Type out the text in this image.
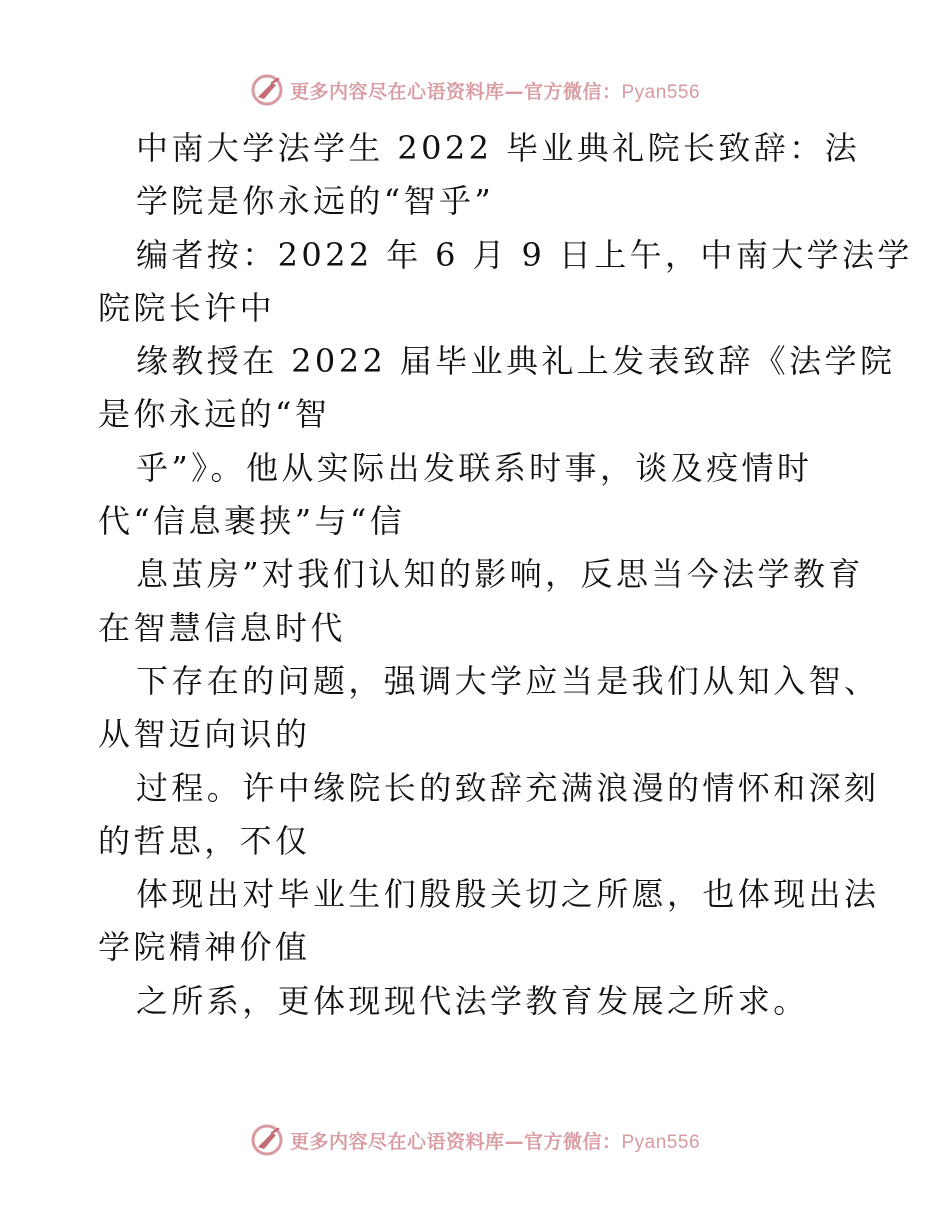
更多内容尽在心语资料库—官方微信：Pyan556
中南大学法学生 2022 毕业典礼院长致辞：法
学院是你永远的“智乎”
编者按：2022 年 6 月 9 日上午，中南大学法学
院院长许中
缘教授在 2022 届毕业典礼上发表致辞《法学院
是你永远的“智
乎”》。他从实际出发联系时事，谈及疫情时
代“信息裹挟”与“信
息茧房”对我们认知的影响，反思当今法学教育
在智慧信息时代
下存在的问题，强调大学应当是我们从知入智、
从智迈向识的
过程。许中缘院长的致辞充满浪漫的情怀和深刻
的哲思，不仅
体现出对毕业生们殷殷关切之所愿，也体现出法
学院精神价值
之所系，更体现现代法学教育发展之所求。
更多内容尽在心语资料库—官方微信：Pyan556
